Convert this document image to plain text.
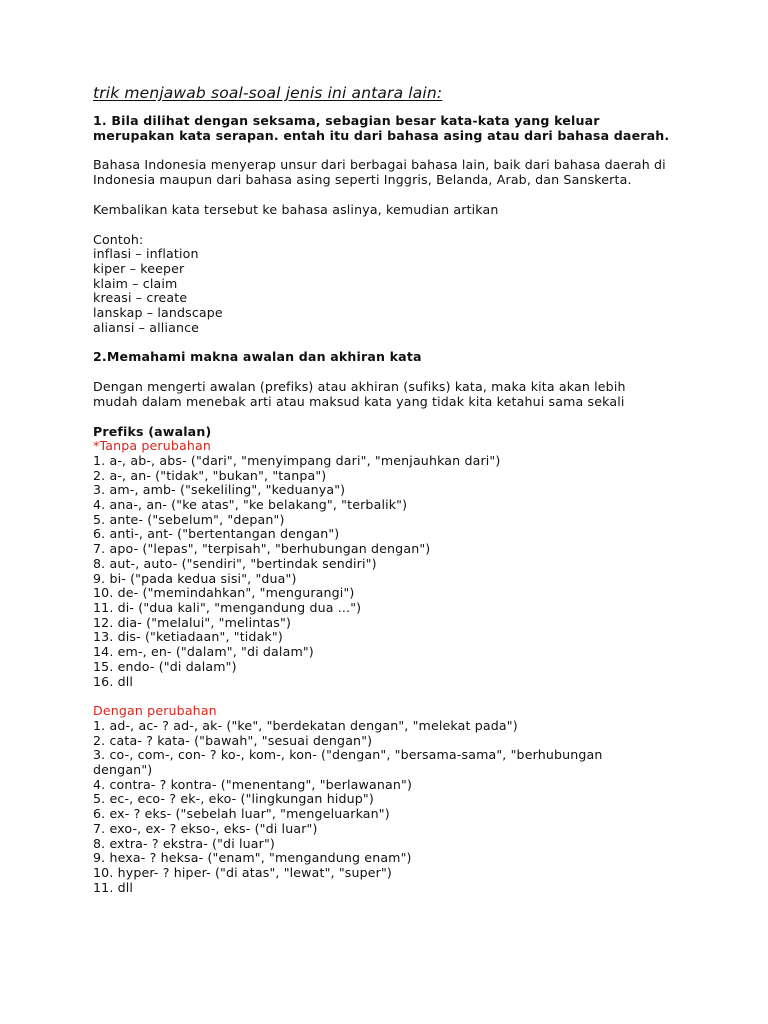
trik menjawab soal-soal jenis ini antara lain:
1. Bila dilihat dengan seksama, sebagian besar kata-kata yang keluar
merupakan kata serapan. entah itu dari bahasa asing atau dari bahasa daerah.
Bahasa Indonesia menyerap unsur dari berbagai bahasa lain, baik dari bahasa daerah di
Indonesia maupun dari bahasa asing seperti Inggris, Belanda, Arab, dan Sanskerta.
Kembalikan kata tersebut ke bahasa aslinya, kemudian artikan
Contoh:
inflasi – inflation
kiper – keeper
klaim – claim
kreasi – create
lanskap – landscape
aliansi – alliance
2.Memahami makna awalan dan akhiran kata
Dengan mengerti awalan (prefiks) atau akhiran (sufiks) kata, maka kita akan lebih
mudah dalam menebak arti atau maksud kata yang tidak kita ketahui sama sekali
Prefiks (awalan)
*Tanpa perubahan
1. a-, ab-, abs- ("dari", "menyimpang dari", "menjauhkan dari")
2. a-, an- ("tidak", "bukan", "tanpa")
3. am-, amb- ("sekeliling", "keduanya")
4. ana-, an- ("ke atas", "ke belakang", "terbalik")
5. ante- ("sebelum", "depan")
6. anti-, ant- ("bertentangan dengan")
7. apo- ("lepas", "terpisah", "berhubungan dengan")
8. aut-, auto- ("sendiri", "bertindak sendiri")
9. bi- ("pada kedua sisi", "dua")
10. de- ("memindahkan", "mengurangi")
11. di- ("dua kali", "mengandung dua ...")
12. dia- ("melalui", "melintas")
13. dis- ("ketiadaan", "tidak")
14. em-, en- ("dalam", "di dalam")
15. endo- ("di dalam")
16. dll
Dengan perubahan
1. ad-, ac- ? ad-, ak- ("ke", "berdekatan dengan", "melekat pada")
2. cata- ? kata- ("bawah", "sesuai dengan")
3. co-, com-, con- ? ko-, kom-, kon- ("dengan", "bersama-sama", "berhubungan
dengan")
4. contra- ? kontra- ("menentang", "berlawanan")
5. ec-, eco- ? ek-, eko- ("lingkungan hidup")
6. ex- ? eks- ("sebelah luar", "mengeluarkan")
7. exo-, ex- ? ekso-, eks- ("di luar")
8. extra- ? ekstra- ("di luar")
9. hexa- ? heksa- ("enam", "mengandung enam")
10. hyper- ? hiper- ("di atas", "lewat", "super")
11. dll
